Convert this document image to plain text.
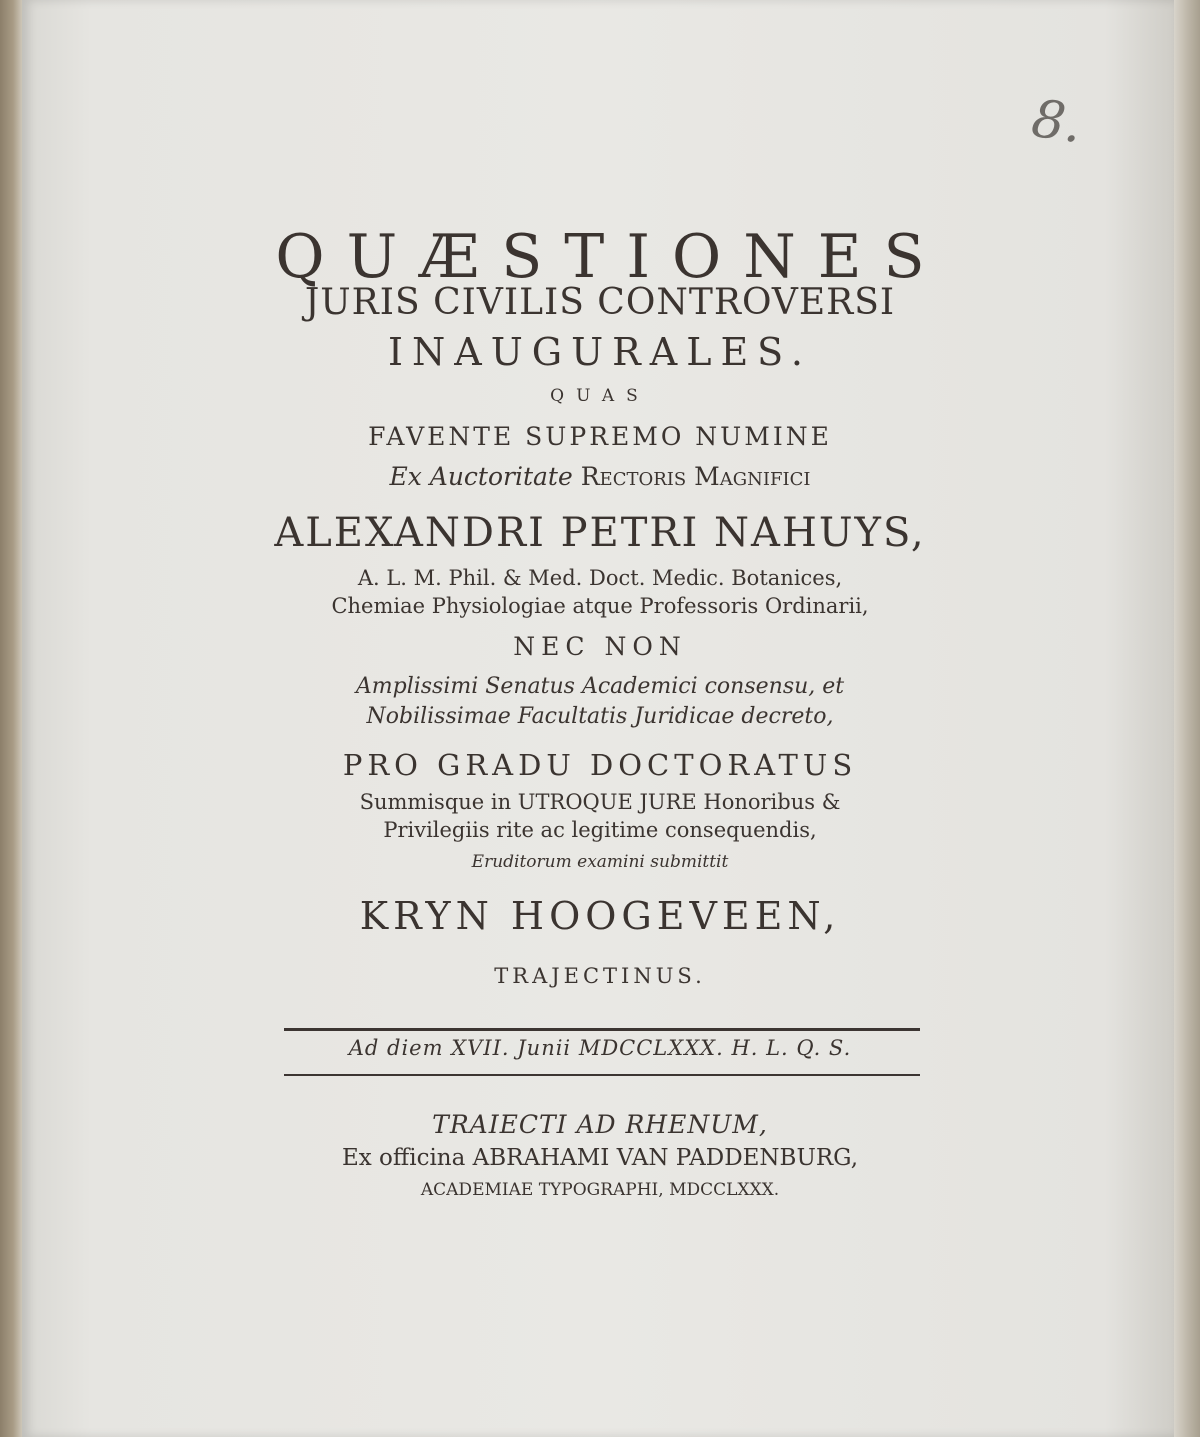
8.
QUÆSTIONES
JURIS CIVILIS CONTROVERSI
INAUGURALES.
QUAS
FAVENTE SUPREMO NUMINE
Ex Auctoritate Rectoris Magnifici
ALEXANDRI PETRI NAHUYS,
A. L. M. Phil. & Med. Doct. Medic. Botanices,
Chemiae Physiologiae atque Professoris Ordinarii,
NEC NON
Amplissimi Senatus Academici consensu, et
Nobilissimae Facultatis Juridicae decreto,
PRO GRADU DOCTORATUS
Summisque in UTROQUE JURE Honoribus &
Privilegiis rite ac legitime consequendis,
Eruditorum examini submittit
KRYN HOOGEVEEN,
TRAJECTINUS.
Ad diem XVII. Junii MDCCLXXX. H. L. Q. S.
TRAIECTI AD RHENUM,
Ex officina ABRAHAMI VAN PADDENBURG,
ACADEMIAE TYPOGRAPHI, MDCCLXXX.
